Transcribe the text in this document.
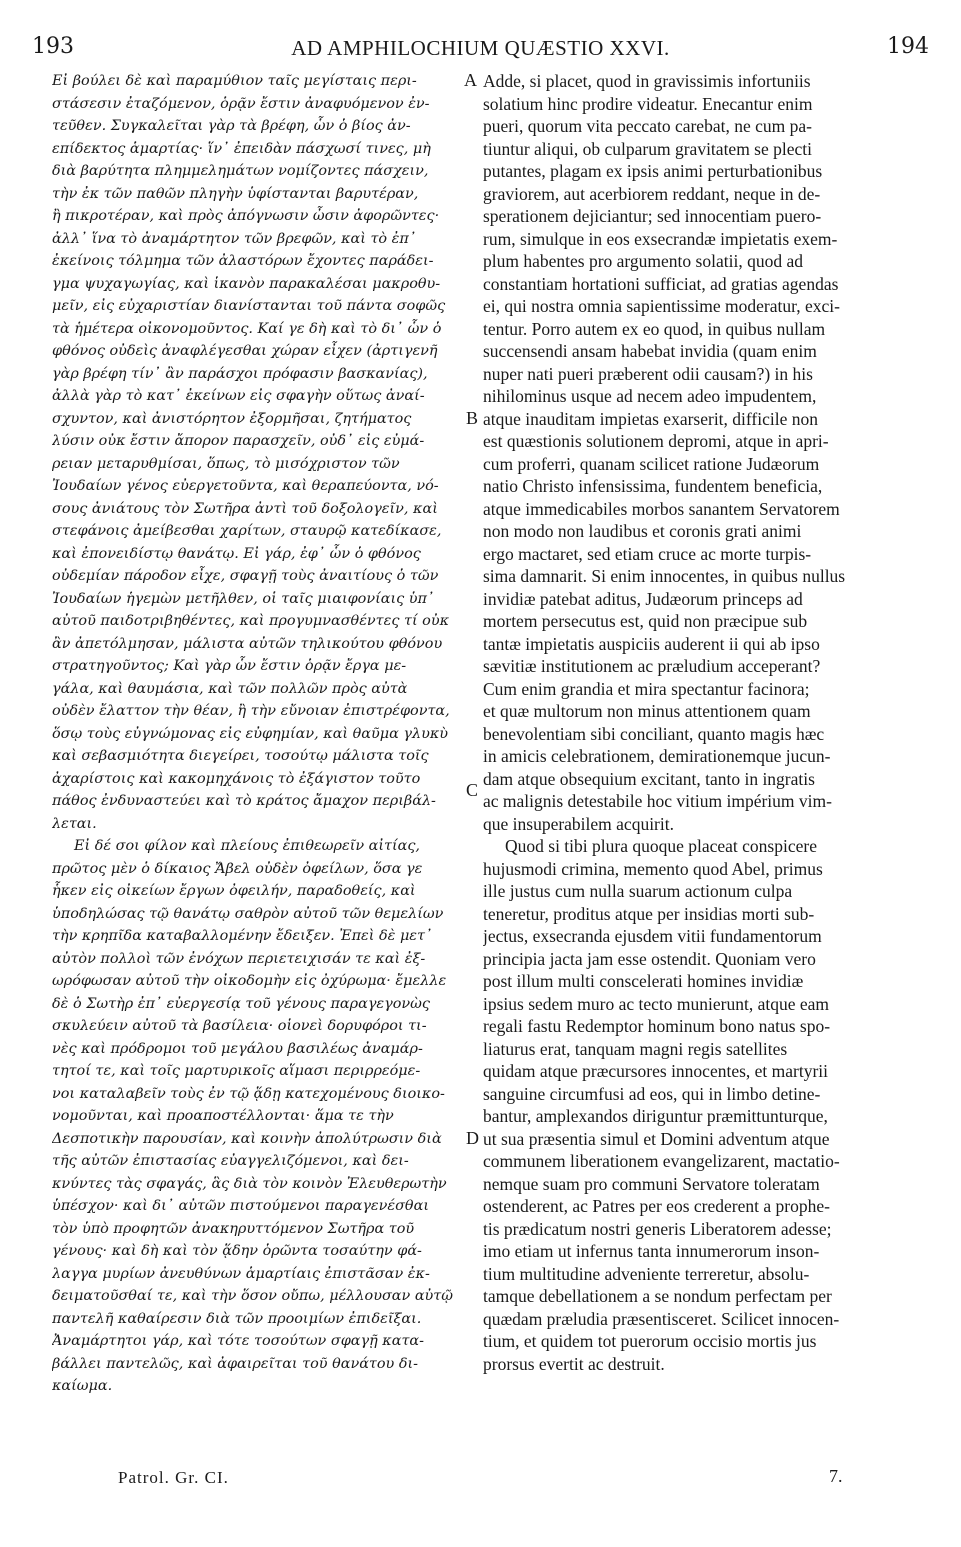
193	AD AMPHILOCHIUM QUÆSTIO XXVI.	194
Εἰ βούλει δὲ καὶ παραμύθιον ταῖς μεγίσταις περι-
στάσεσιν ἐταζόμενον, ὁρᾷν ἔστιν ἀναφυόμενον ἐν-
τεῦθεν. Συγκαλεῖται γὰρ τὰ βρέφη, ὧν ὁ βίος ἀν-
επίδεκτος ἁμαρτίας· ἵν᾽ ἐπειδὰν πάσχωσί τινες, μὴ
διὰ βαρύτητα πλημμελημάτων νομίζοντες πάσχειν,
τὴν ἐκ τῶν παθῶν πληγὴν ὑφίστανται βαρυτέραν,
ἢ πικροτέραν, καὶ πρὸς ἀπόγνωσιν ὦσιν ἀφορῶντες·
ἀλλ᾽ ἵνα τὸ ἀναμάρτητον τῶν βρεφῶν, καὶ τὸ ἐπ᾽
ἐκείνοις τόλμημα τῶν ἀλαστόρων ἔχοντες παράδει-
γμα ψυχαγωγίας, καὶ ἱκανὸν παρακαλέσαι μακροθυ-
μεῖν, εἰς εὐχαριστίαν διανίστανται τοῦ πάντα σοφῶς
τὰ ἡμέτερα οἰκονομοῦντος. Καί γε δὴ καὶ τὸ δι᾽ ὧν ὁ
φθόνος οὐδεὶς ἀναφλέγεσθαι χώραν εἶχεν (ἀρτιγενῆ
γὰρ βρέφη τίν᾽ ἂν παράσχοι πρόφασιν βασκανίας),
ἀλλὰ γὰρ τὸ κατ᾽ ἐκείνων εἰς σφαγὴν οὕτως ἀναί-
σχυντον, καὶ ἀνιστόρητον ἐξορμῆσαι, ζητήματος
λύσιν οὐκ ἔστιν ἄπορον παρασχεῖν, οὐδ᾽ εἰς εὐμά-
ρειαν μεταρυθμίσαι, ὅπως, τὸ μισόχριστον τῶν
Ἰουδαίων γένος εὐεργετοῦντα, καὶ θεραπεύοντα, νό-
σους ἀνιάτους τὸν Σωτῆρα ἀντὶ τοῦ δοξολογεῖν, καὶ
στεφάνοις ἀμείβεσθαι χαρίτων, σταυρῷ κατεδίκασε,
καὶ ἐπονειδίστῳ θανάτῳ. Εἰ γάρ, ἐφ᾽ ὧν ὁ φθόνος
οὐδεμίαν πάροδον εἶχε, σφαγῇ τοὺς ἀναιτίους ὁ τῶν
Ἰουδαίων ἡγεμὼν μετῆλθεν, οἱ ταῖς μιαιφονίαις ὑπ᾽
αὐτοῦ παιδοτριβηθέντες, καὶ προγυμνασθέντες τί οὐκ
ἂν ἀπετόλμησαν, μάλιστα αὐτῶν τηλικούτου φθόνου
στρατηγοῦντος; Καὶ γὰρ ὧν ἔστιν ὁρᾷν ἔργα με-
γάλα, καὶ θαυμάσια, καὶ τῶν πολλῶν πρὸς αὐτὰ
οὐδὲν ἔλαττον τὴν θέαν, ἢ τὴν εὔνοιαν ἐπιστρέφοντα,
ὅσῳ τοὺς εὐγνώμονας εἰς εὐφημίαν, καὶ θαῦμα γλυκὺ
καὶ σεβασμιότητα διεγείρει, τοσούτῳ μάλιστα τοῖς
ἀχαρίστοις καὶ κακομηχάνοις τὸ ἐξάγιστον τοῦτο
πάθος ἐνδυναστεύει καὶ τὸ κράτος ἄμαχον περιβάλ-
λεται.
Εἰ δέ σοι φίλον καὶ πλείους ἐπιθεωρεῖν αἰτίας,
πρῶτος μὲν ὁ δίκαιος Ἄβελ οὐδὲν ὀφείλων, ὅσα γε
ἧκεν εἰς οἰκείων ἔργων ὀφειλήν, παραδοθείς, καὶ
ὑποδηλώσας τῷ θανάτῳ σαθρὸν αὐτοῦ τῶν θεμελίων
τὴν κρηπῖδα καταβαλλομένην ἔδειξεν. Ἐπεὶ δὲ μετ᾽
αὐτὸν πολλοὶ τῶν ἐνόχων περιετειχισάν τε καὶ ἐξ-
ωρόφωσαν αὐτοῦ τὴν οἰκοδομὴν εἰς ὀχύρωμα· ἔμελλε
δὲ ὁ Σωτὴρ ἐπ᾽ εὐεργεσίᾳ τοῦ γένους παραγεγονὼς
σκυλεύειν αὐτοῦ τὰ βασίλεια· οἱονεὶ δορυφόροι τι-
νὲς καὶ πρόδρομοι τοῦ μεγάλου βασιλέως ἀναμάρ-
τητοί τε, καὶ τοῖς μαρτυρικοῖς αἵμασι περιρρεόμε-
νοι καταλαβεῖν τοὺς ἐν τῷ ᾅδῃ κατεχομένους διοικο-
νομοῦνται, καὶ προαποστέλλονται· ἅμα τε τὴν
Δεσποτικὴν παρουσίαν, καὶ κοινὴν ἀπολύτρωσιν διὰ
τῆς αὐτῶν ἐπιστασίας εὐαγγελιζόμενοι, καὶ δει-
κνύντες τὰς σφαγάς, ἃς διὰ τὸν κοινὸν Ἐλευθερωτὴν
ὑπέσχον· καὶ δι᾽ αὐτῶν πιστούμενοι παραγενέσθαι
τὸν ὑπὸ προφητῶν ἀνακηρυττόμενον Σωτῆρα τοῦ
γένους· καὶ δὴ καὶ τὸν ᾅδην ὁρῶντα τοσαύτην φά-
λαγγα μυρίων ἀνευθύνων ἁμαρτίαις ἐπιστᾶσαν ἐκ-
δειματοῦσθαί τε, καὶ τὴν ὅσον οὔπω, μέλλουσαν αὐτῷ
παντελῆ καθαίρεσιν διὰ τῶν προοιμίων ἐπιδεῖξαι.
Ἀναμάρτητοι γάρ, καὶ τότε τοσούτων σφαγῇ κατα-
βάλλει παντελῶς, καὶ ἀφαιρεῖται τοῦ θανάτου δι-
καίωμα.
Adde, si placet, quod in gravissimis infortuniis
solatium hinc prodire videatur. Enecantur enim
pueri, quorum vita peccato carebat, ne cum pa-
tiuntur aliqui, ob culparum gravitatem se plecti
putantes, plagam ex ipsis animi perturbationibus
graviorem, aut acerbiorem reddant, neque in de-
sperationem dejiciantur; sed innocentiam puero-
rum, simulque in eos exsecrandæ impietatis exem-
plum habentes pro argumento solatii, quod ad
constantiam hortationi sufficiat, ad gratias agendas
ei, qui nostra omnia sapientissime moderatur, exci-
tentur. Porro autem ex eo quod, in quibus nullam
succensendi ansam habebat invidia (quam enim
nuper nati pueri præberent odii causam?) in his
nihilominus usque ad necem adeo impudentem,
atque inauditam impietas exarserit, difficile non
est quæstionis solutionem depromi, atque in apri-
cum proferri, quanam scilicet ratione Judæorum
natio Christo infensissima, fundentem beneficia,
atque immedicabiles morbos sanantem Servatorem
non modo non laudibus et coronis grati animi
ergo mactaret, sed etiam cruce ac morte turpis-
sima damnarit. Si enim innocentes, in quibus nullus
invidiæ patebat aditus, Judæorum princeps ad
mortem persecutus est, quid non præcipue sub
tantæ impietatis auspiciis auderent ii qui ab ipso
sævitiæ institutionem ac præludium acceperant?
Cum enim grandia et mira spectantur facinora;
et quæ multorum non minus attentionem quam
benevolentiam sibi conciliant, quanto magis hæc
in amicis celebrationem, demirationemque jucun-
dam atque obsequium excitant, tanto in ingratis
ac malignis detestabile hoc vitium impérium vim-
que insuperabilem acquirit.
Quod si tibi plura quoque placeat conspicere
hujusmodi crimina, memento quod Abel, primus
ille justus cum nulla suarum actionum culpa
teneretur, proditus atque per insidias morti sub-
jectus, exsecranda ejusdem vitii fundamentorum
principia jacta jam esse ostendit. Quoniam vero
post illum multi conscelerati homines invidiæ
ipsius sedem muro ac tecto munierunt, atque eam
regali fastu Redemptor hominum bono natus spo-
liaturus erat, tanquam magni regis satellites
quidam atque præcursores innocentes, et martyrii
sanguine circumfusi ad eos, qui in limbo detine-
bantur, amplexandos diriguntur præmittunturque,
ut sua præsentia simul et Domini adventum atque
communem liberationem evangelizarent, mactatio-
nemque suam pro communi Servatore toleratam
ostenderent, ac Patres per eos crederent a prophe-
tis prædicatum nostri generis Liberatorem adesse;
imo etiam ut infernus tanta innumerorum inson-
tium multitudine adveniente terreretur, absolu-
tamque debellationem a se nondum perfectam per
quædam præludia præsentisceret. Scilicet innocen-
tium, et quidem tot puerorum occisio mortis jus
prorsus evertit ac destruit.
A
B
C
D
Patrol. Gr. CI.	7.
